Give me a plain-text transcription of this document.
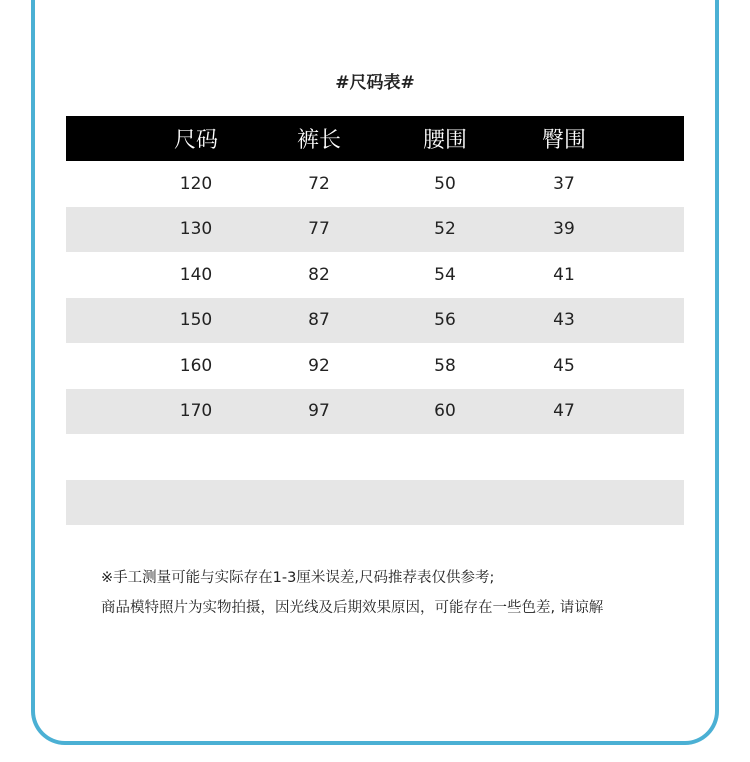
#尺码表#
尺码	裤长	腰围	臀围
120	72	50	37
130	77	52	39
140	82	54	41
150	87	56	43
160	92	58	45
170	97	60	47
※手工测量可能与实际存在1-3厘米误差,尺码推荐表仅供参考;
商品模特照片为实物拍摄，因光线及后期效果原因，可能存在一些色差, 请谅解
